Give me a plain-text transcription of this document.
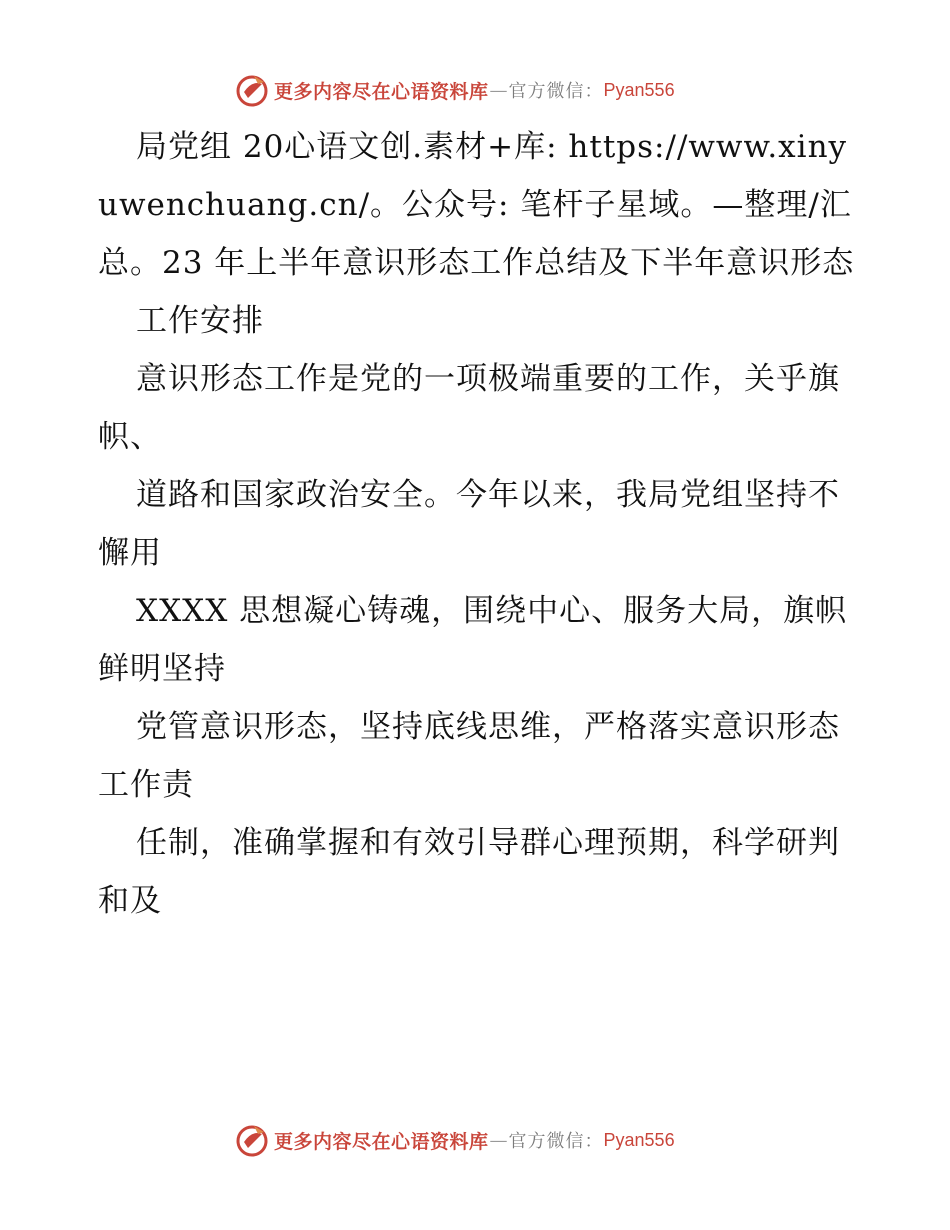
更多内容尽在心语资料库 — 官方微信： Pyan556

局党组 20心语文创.素材+库: https://www.xinyuwenchuang.cn/。公众号: 笔杆子星域。—整理/汇总。23 年上半年意识形态工作总结及下半年意识形态

工作安排

意识形态工作是党的一项极端重要的工作，关乎旗帜、

道路和国家政治安全。今年以来，我局党组坚持不懈用

XXXX 思想凝心铸魂，围绕中心、服务大局，旗帜鲜明坚持

党管意识形态，坚持底线思维，严格落实意识形态工作责

任制，准确掌握和有效引导群心理预期，科学研判和及

更多内容尽在心语资料库 — 官方微信： Pyan556
